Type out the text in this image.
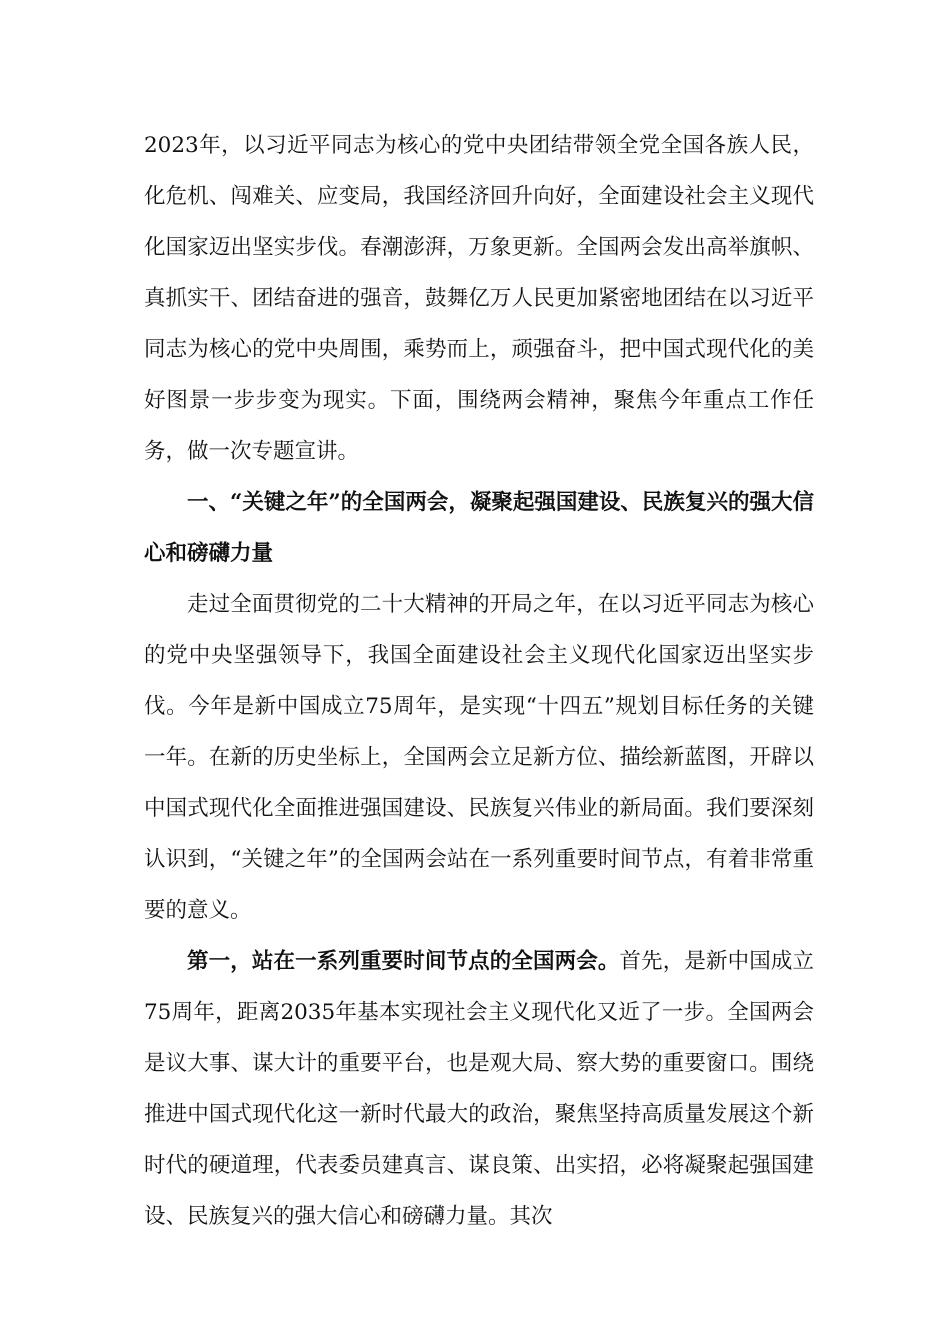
2023年，以习近平同志为核心的党中央团结带领全党全国各族人民，化危机、闯难关、应变局，我国经济回升向好，全面建设社会主义现代化国家迈出坚实步伐。春潮澎湃，万象更新。全国两会发出高举旗帜、真抓实干、团结奋进的强音，鼓舞亿万人民更加紧密地团结在以习近平同志为核心的党中央周围，乘势而上，顽强奋斗，把中国式现代化的美好图景一步步变为现实。下面，围绕两会精神，聚焦今年重点工作任务，做一次专题宣讲。

一、“关键之年”的全国两会，凝聚起强国建设、民族复兴的强大信心和磅礴力量

走过全面贯彻党的二十大精神的开局之年，在以习近平同志为核心的党中央坚强领导下，我国全面建设社会主义现代化国家迈出坚实步伐。今年是新中国成立75周年，是实现“十四五”规划目标任务的关键一年。在新的历史坐标上，全国两会立足新方位、描绘新蓝图，开辟以中国式现代化全面推进强国建设、民族复兴伟业的新局面。我们要深刻认识到，“关键之年”的全国两会站在一系列重要时间节点，有着非常重要的意义。

第一，站在一系列重要时间节点的全国两会。首先，是新中国成立75周年，距离2035年基本实现社会主义现代化又近了一步。全国两会是议大事、谋大计的重要平台，也是观大局、察大势的重要窗口。围绕推进中国式现代化这一新时代最大的政治，聚焦坚持高质量发展这个新时代的硬道理，代表委员建真言、谋良策、出实招，必将凝聚起强国建设、民族复兴的强大信心和磅礴力量。其次
